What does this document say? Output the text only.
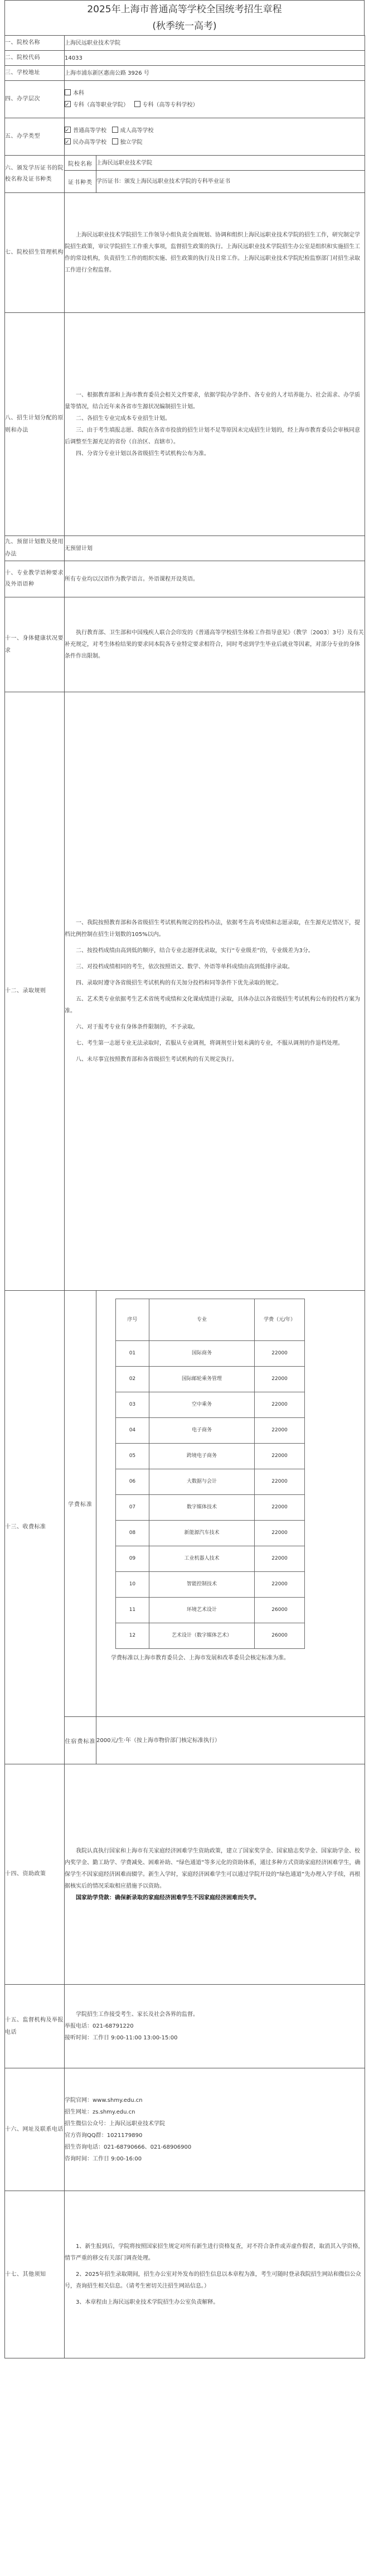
2025年上海市普通高等学校全国统考招生章程
(秋季统一高考)
一、院校名称	上海民远职业技术学院
二、院校代码	14033
三、学校地址	上海市浦东新区惠南公路 3926 号
四、办学层次	

本科

✓专科（高等职业学院） 专科（高等专科学校）

五、办学类型	

✓普通高等学校 成人高等学校

✓民办高等学校 独立学院

六、颁发学历证书的院校名称及证书种类	院校名称	上海民远职业技术学院
证书种类	学历证书：颁发上海民远职业技术学院的专科毕业证书
七、院校招生管理机构	

上海民远职业技术学院招生工作领导小组负责全面规划、协调和组织上海民远职业技术学院的招生工作，研究制定学院招生政策，审议学院招生工作重大事项，监督招生政策的执行。上海民远职业技术学院招生办公室是组织和实施招生工作的常设机构，负责招生工作的组织实施、招生政策的执行及日常工作。上海民远职业技术学院纪检监察部门对招生录取工作进行全程监督。

八、招生计划分配的原则和办法	

一、根据教育部和上海市教育委员会相关文件要求，依据学院办学条件、各专业的人才培养能力、社会需求、办学质量等情况，结合近年来各省市生源状况编制招生计划。

二、各招生专业完成本专业招生计划。

三、由于考生填报志愿、我院在各省市投放的招生计划不足等原因未完成招生计划的，经上海市教育委员会审核同意后调整至生源充足的省份（自治区、直辖市）。

四、分省分专业计划以各省级招生考试机构公布为准。

九、预留计划数及使用办法	无预留计划
十、专业教学语种要求及外语语种	所有专业均以汉语作为教学语言。外语课程开设英语。
十一、身体健康状况要求	

执行教育部、卫生部和中国残疾人联合会印发的《普通高等学校招生体检工作指导意见》（教学〔2003〕3号）及有关补充规定，对考生体检结果的要求同本院各专业特定要求相符合，同时考虑到学生毕业后就业等因素，对部分专业的身体条件作出限制。

十二、录取规则	

一、我院按照教育部和各省级招生考试机构规定的投档办法，依据考生高考成绩和志愿录取，在生源充足情况下，提档比例控制在招生计划数的105%以内。

二、按投档成绩由高到低的顺序，结合专业志愿择优录取，实行“专业级差”的，专业级差为3分。

三、对投档成绩相同的考生，依次按照语文、数学、外语等单科成绩由高到低排序录取。

四、录取时遵守各省级招生考试机构的有关加分投档和同等条件下优先录取的规定。

五、艺术类专业依据考生艺术省统考成绩和文化课成绩进行录取，具体办法以各省级招生考试机构公布的投档方案为准。

六、对于报考专业有身体条件限制的，不予录取。

七、考生第一志愿专业无法录取时，若服从专业调剂，将调剂至计划未满的专业，不服从调剂的作退档处理。

八、未尽事宜按照教育部和各省级招生考试机构的有关规定执行。

十三、收费标准	学费标准	
序号	专业	学费（元/年）
01	国际商务	22000
02	国际邮轮乘务管理	22000
03	空中乘务	22000
04	电子商务	22000
05	跨境电子商务	22000
06	大数据与会计	22000
07	数字媒体技术	22000
08	新能源汽车技术	22000
09	工业机器人技术	22000
10	智能控制技术	22000
11	环境艺术设计	26000
12	艺术设计（数字媒体艺术）	26000

学费标准以上海市教育委员会、上海市发展和改革委员会核定标准为准。

住宿费标准	2000元/生·年（按上海市物价部门核定标准执行）
十四、资助政策	

我院认真执行国家和上海市有关家庭经济困难学生资助政策，建立了国家奖学金、国家励志奖学金、国家助学金、校内奖学金、勤工助学、学费减免、困难补助、“绿色通道”等多元化的资助体系，通过多种方式资助家庭经济困难学生，确保学生不因家庭经济困难而辍学。新生入学时，家庭经济困难学生可以通过学院开设的“绿色通道”先办理入学手续，再根据核实后的情况采取相应措施予以资助。

国家助学贷款：确保新录取的家庭经济困难学生不因家庭经济困难而失学。

十五、监督机构及举报电话	

学院招生工作接受考生、家长及社会各界的监督。

举报电话：021-68791220

接听时间：工作日 9:00-11:00 13:00-15:00

十六、网址及联系电话	

学院官网：www.shmy.edu.cn

招生网址：zs.shmy.edu.cn

招生微信公众号：上海民远职业技术学院

官方咨询QQ群：1021179890

招生咨询电话：021-68790666、021-68906900

咨询时间：工作日 9:00-16:00

十七、其他须知	

1、新生报到后，学院将按照国家招生规定对所有新生进行资格复查，对不符合条件或弄虚作假者，取消其入学资格，情节严重的移交有关部门调查处理。

2、2025年招生录取期间，招生办公室对外发布的招生信息以本章程为准，考生可随时登录我院招生网站和微信公众号，查询招生相关信息。（请考生密切关注招生网站信息。）

3、本章程由上海民远职业技术学院招生办公室负责解释。
